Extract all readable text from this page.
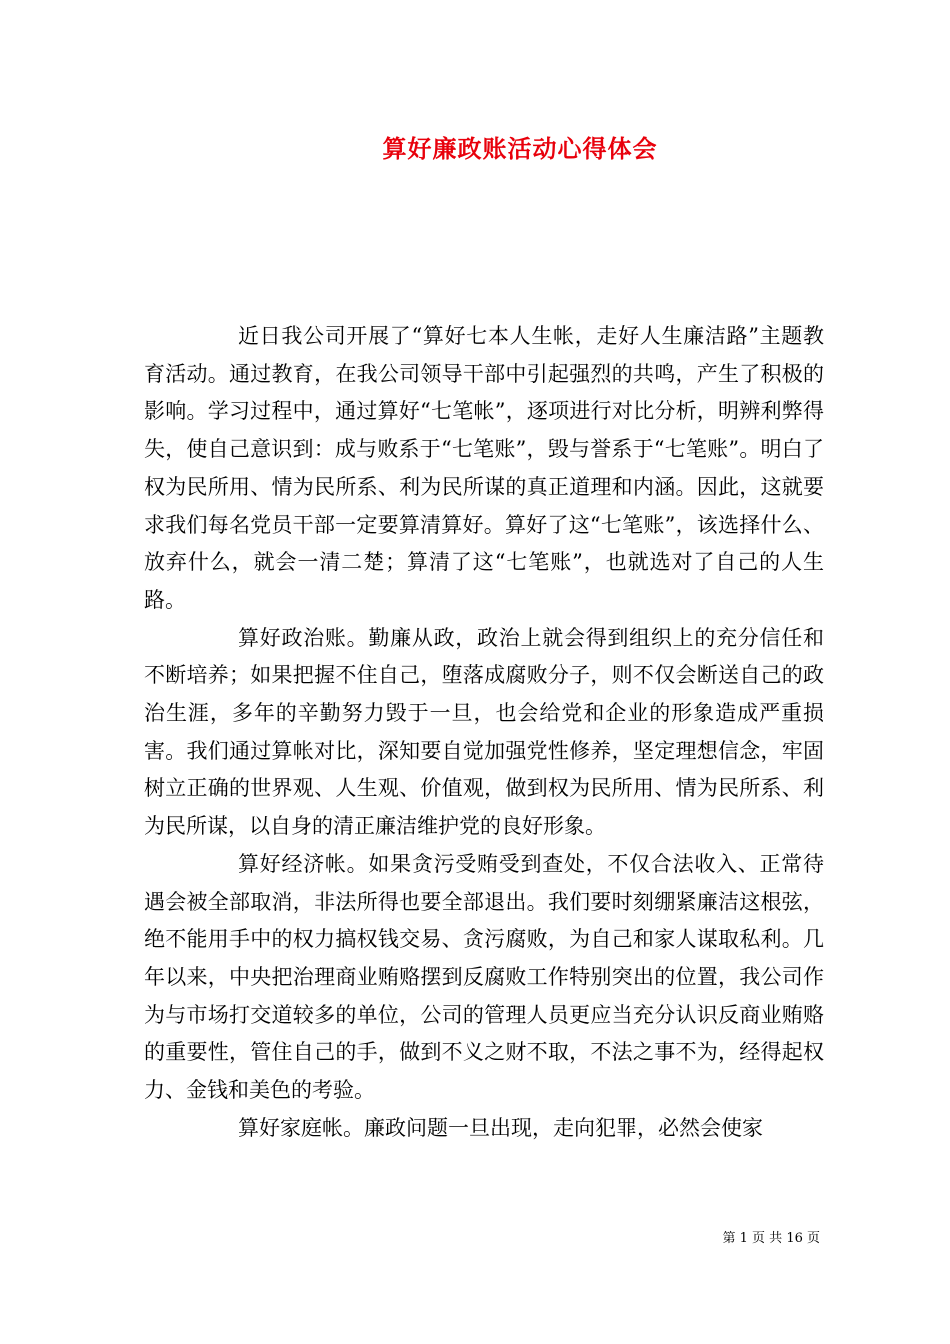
算好廉政账活动心得体会

近日我公司开展了“算好七本人生帐，走好人生廉洁路”主题教育活动。通过教育，在我公司领导干部中引起强烈的共鸣，产生了积极的影响。学习过程中，通过算好“七笔帐”，逐项进行对比分析，明辨利弊得失，使自己意识到：成与败系于“七笔账”，毁与誉系于“七笔账”。明白了权为民所用、情为民所系、利为民所谋的真正道理和内涵。因此，这就要求我们每名党员干部一定要算清算好。算好了这“七笔账”，该选择什么、放弃什么，就会一清二楚；算清了这“七笔账”，也就选对了自己的人生路。

算好政治账。勤廉从政，政治上就会得到组织上的充分信任和不断培养；如果把握不住自己，堕落成腐败分子，则不仅会断送自己的政治生涯，多年的辛勤努力毁于一旦，也会给党和企业的形象造成严重损害。我们通过算帐对比，深知要自觉加强党性修养，坚定理想信念，牢固树立正确的世界观、人生观、价值观，做到权为民所用、情为民所系、利为民所谋，以自身的清正廉洁维护党的良好形象。

算好经济帐。如果贪污受贿受到查处，不仅合法收入、正常待遇会被全部取消，非法所得也要全部退出。我们要时刻绷紧廉洁这根弦，绝不能用手中的权力搞权钱交易、贪污腐败，为自己和家人谋取私利。几年以来，中央把治理商业贿赂摆到反腐败工作特别突出的位置，我公司作为与市场打交道较多的单位，公司的管理人员更应当充分认识反商业贿赂的重要性，管住自己的手，做到不义之财不取，不法之事不为，经得起权力、金钱和美色的考验。

算好家庭帐。廉政问题一旦出现，走向犯罪，必然会使家

第 1 页 共 16 页
